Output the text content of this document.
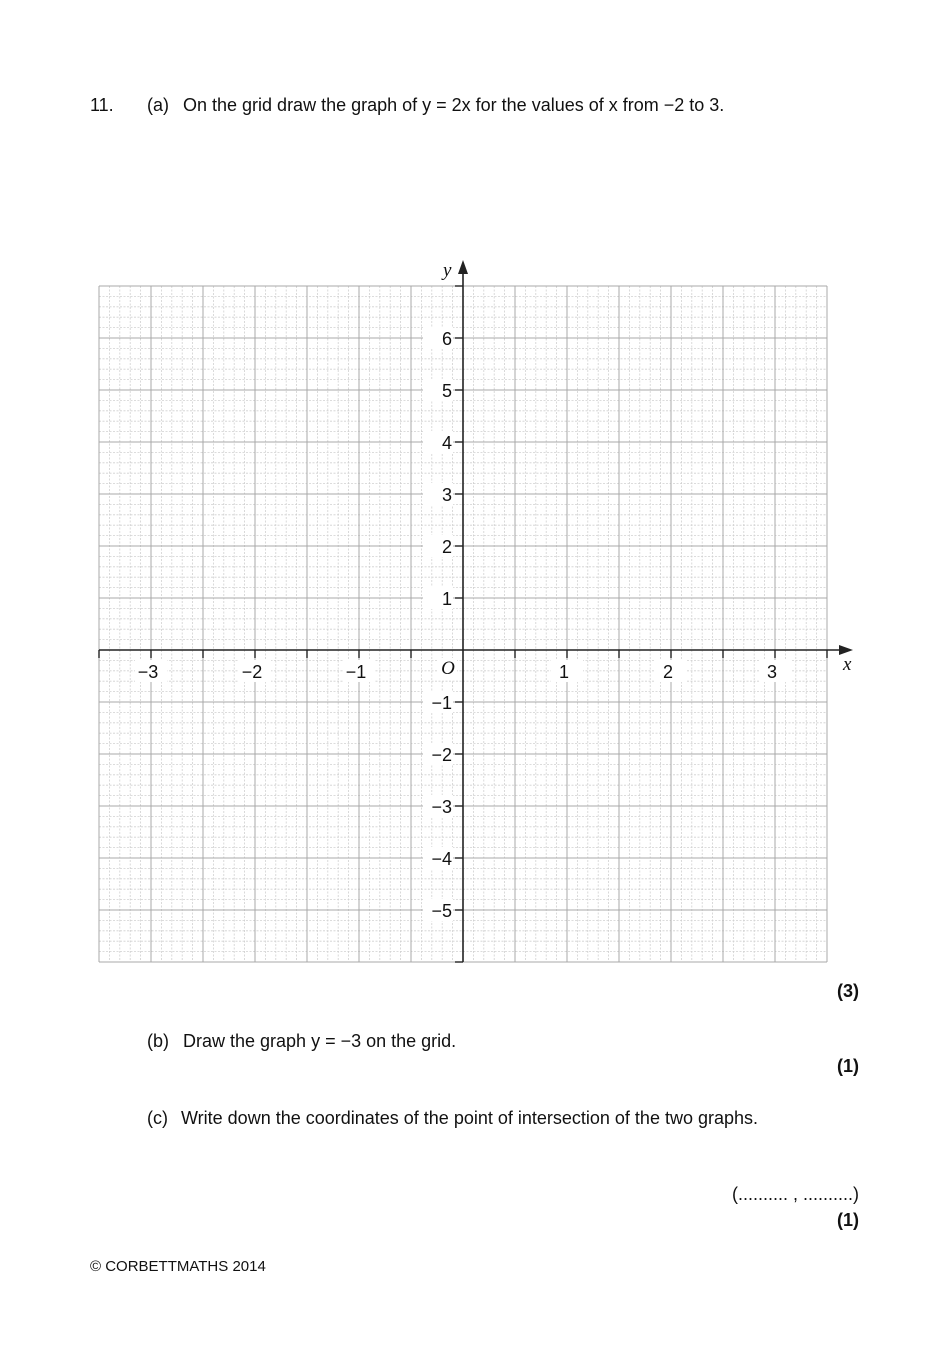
11. (a) On the grid draw the graph of y = 2x for the values of x from −2 to 3.
−3	−2	−1	1	2	3
6
5
4
3
2
1
−1
−2
−3
−4
−5
O	x
y
(3)
(b) Draw the graph y = −3 on the grid.
(1)
(c) Write down the coordinates of the point of intersection of the two graphs.
(.......... , ..........)
(1)
© CORBETTMATHS 2014
